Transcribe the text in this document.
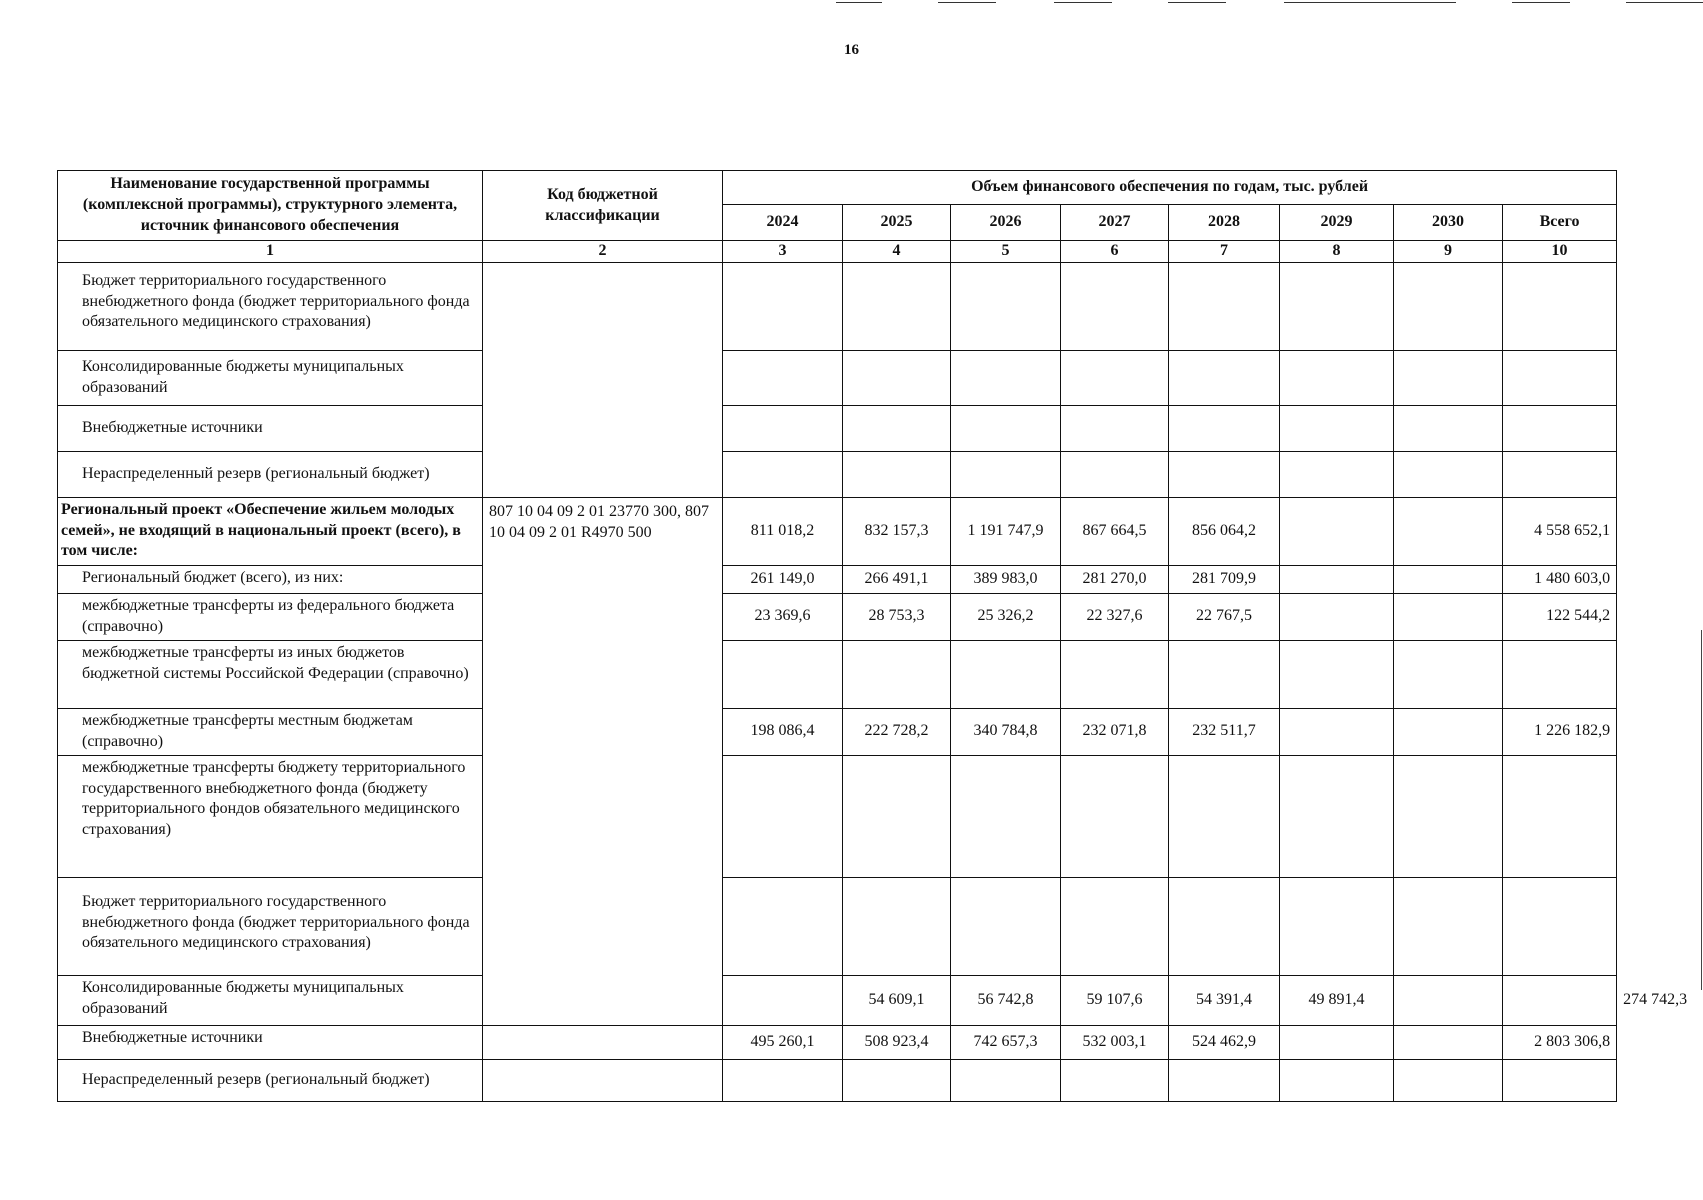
16
Наименование государственной программы (комплексной программы), структурного элемента, источник финансового обеспечения	Код бюджетной классификации	Объем финансового обеспечения по годам, тыс. рублей								
		2024	2025	2026	2027	2028	2029	2030	Всего	
1	2	3	4	5	6	7	8	9	10	
Бюджет территориального государственного внебюджетного фонда (бюджет территориального фонда обязательного медицинского страхования)										
Консолидированные бюджеты муниципальных образований										
Внебюджетные источники										
Нераспределенный резерв (региональный бюджет)										
Региональный проект «Обеспечение жильем молодых семей», не входящий в национальный проект (всего), в том числе:	807 10 04 09 2 01 23770 300, 807 10 04 09 2 01 R4970 500	811 018,2	832 157,3	1 191 747,9	867 664,5	856 064,2			4 558 652,1	
Региональный бюджет (всего), из них:		261 149,0	266 491,1	389 983,0	281 270,0	281 709,9			1 480 603,0	
межбюджетные трансферты из федерального бюджета (справочно)		23 369,6	28 753,3	25 326,2	22 327,6	22 767,5			122 544,2	
межбюджетные трансферты из иных бюджетов бюджетной системы Российской Федерации (справочно)										
межбюджетные трансферты местным бюджетам (справочно)		198 086,4	222 728,2	340 784,8	232 071,8	232 511,7			1 226 182,9	
межбюджетные трансферты бюджету территориального государственного внебюджетного фонда (бюджету территориального фондов обязательного медицинского страхования)										
Бюджет территориального государственного внебюджетного фонда (бюджет территориального фонда обязательного медицинского страхования)										
Консолидированные бюджеты муниципальных образований			54 609,1	56 742,8	59 107,6	54 391,4	49 891,4			274 742,3
Внебюджетные источники		495 260,1	508 923,4	742 657,3	532 003,1	524 462,9			2 803 306,8	
Нераспределенный резерв (региональный бюджет)										
